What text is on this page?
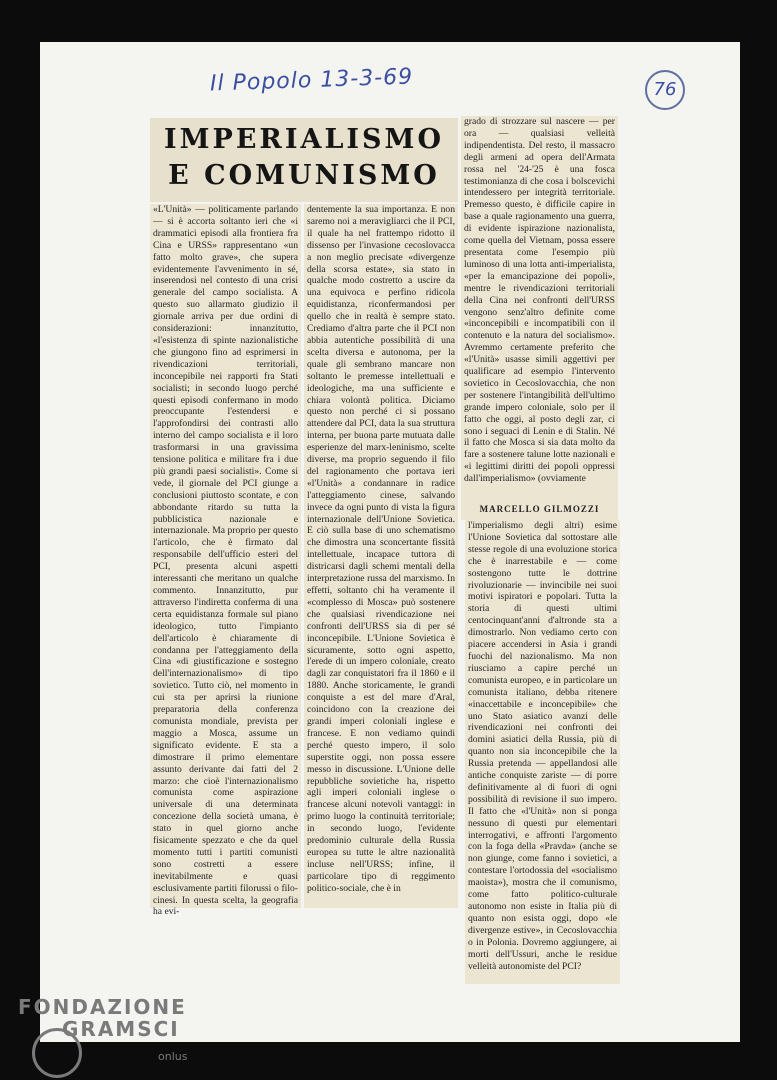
Il Popolo 13-3-69	76
IMPERIALISMO
E COMUNISMO
«L'Unità» — politicamente parlando — si è accorta soltanto ieri che «i drammatici episodi alla frontiera fra Cina e URSS» rappresentano «un fatto molto grave», che supera evidentemente l'avvenimento in sé, inserendosi nel contesto di una crisi generale del campo socialista. A questo suo allarmato giudizio il giornale arriva per due ordini di considerazioni: innanzitutto, «l'esistenza di spinte nazionalistiche che giungono fino ad esprimersi in rivendicazioni territoriali, inconcepibile nei rapporti fra Stati socialisti; in secondo luogo perché questi episodi confermano in modo preoccupante l'estendersi e l'approfondirsi dei contrasti allo interno del campo socialista e il loro trasformarsi in una gravissima tensione politica e militare fra i due più grandi paesi socialisti». Come si vede, il giornale del PCI giunge a conclusioni piuttosto scontate, e con abbondante ritardo su tutta la pubblicistica nazionale e internazionale. Ma proprio per questo l'articolo, che è firmato dal responsabile dell'ufficio esteri del PCI, presenta alcuni aspetti interessanti che meritano un qualche commento. Innanzitutto, pur attraverso l'indiretta conferma di una certa equidistanza formale sul piano ideologico, tutto l'impianto dell'articolo è chiaramente di condanna per l'atteggiamento della Cina «di giustificazione e sostegno dell'internazionalismo» di tipo sovietico. Tutto ciò, nel momento in cui sta per aprirsi la riunione preparatoria della conferenza comunista mondiale, prevista per maggio a Mosca, assume un significato evidente. E sta a dimostrare il primo elementare assunto derivante dai fatti del 2 marzo: che cioè l'internazionalismo comunista come aspirazione universale di una determinata concezione della società umana, è stato in quel giorno anche fisicamente spezzato e che da quel momento tutti i partiti comunisti sono costretti a essere inevitabilmente e quasi esclusivamente partiti filorussi o filo-cinesi. In questa scelta, la geografia ha evi-
dentemente la sua importanza. E non saremo noi a meravigliarci che il PCI, il quale ha nel frattempo ridotto il dissenso per l'invasione cecoslovacca a non meglio precisate «divergenze della scorsa estate», sia stato in qualche modo costretto a uscire da una equivoca e perfino ridicola equidistanza, riconfermandosi per quello che in realtà è sempre stato. Crediamo d'altra parte che il PCI non abbia autentiche possibilità di una scelta diversa e autonoma, per la quale gli sembrano mancare non soltanto le premesse intellettuali e ideologiche, ma una sufficiente e chiara volontà politica. Diciamo questo non perché ci si possano attendere dal PCI, data la sua struttura interna, per buona parte mutuata dalle esperienze del marx-leninismo, scelte diverse, ma proprio seguendo il filo del ragionamento che portava ieri «l'Unità» a condannare in radice l'atteggiamento cinese, salvando invece da ogni punto di vista la figura internazionale dell'Unione Sovietica. E ciò sulla base di uno schematismo che dimostra una sconcertante fissità intellettuale, incapace tuttora di districarsi dagli schemi mentali della interpretazione russa del marxismo. In effetti, soltanto chi ha veramente il «complesso di Mosca» può sostenere che qualsiasi rivendicazione nei confronti dell'URSS sia di per sé inconcepibile. L'Unione Sovietica è sicuramente, sotto ogni aspetto, l'erede di un impero coloniale, creato dagli zar conquistatori fra il 1860 e il 1880. Anche storicamente, le grandi conquiste a est del mare d'Aral, coincidono con la creazione dei grandi imperi coloniali inglese e francese. E non vediamo quindi perché questo impero, il solo superstite oggi, non possa essere messo in discussione. L'Unione delle repubbliche sovietiche ha, rispetto agli imperi coloniali inglese o francese alcuni notevoli vantaggi: in primo luogo la continuità territoriale; in secondo luogo, l'evidente predominio culturale della Russia europea su tutte le altre nazionalità incluse nell'URSS; infine, il particolare tipo di reggimento politico-sociale, che è in
grado di strozzare sul nascere — per ora — qualsiasi velleità indipendentista. Del resto, il massacro degli armeni ad opera dell'Armata rossa nel '24-'25 è una fosca testimonianza di che cosa i bolscevichi intendessero per integrità territoriale. Premesso questo, è difficile capire in base a quale ragionamento una guerra, di evidente ispirazione nazionalista, come quella del Vietnam, possa essere presentata come l'esempio più luminoso di una lotta anti-imperialista, «per la emancipazione dei popoli», mentre le rivendicazioni territoriali della Cina nei confronti dell'URSS vengono senz'altro definite come «inconcepibili e incompatibili con il contenuto e la natura del socialismo». Avremmo certamente preferito che «l'Unità» usasse simili aggettivi per qualificare ad esempio l'intervento sovietico in Cecoslovacchia, che non per sostenere l'intangibilità dell'ultimo grande impero coloniale, solo per il fatto che oggi, al posto degli zar, ci sono i seguaci di Lenin e di Stalin. Né il fatto che Mosca si sia data molto da fare a sostenere talune lotte nazionali e «i legittimi diritti dei popoli oppressi dall'imperialismo» (ovviamente
MARCELLO GILMOZZI
l'imperialismo degli altri) esime l'Unione Sovietica dal sottostare alle stesse regole di una evoluzione storica che è inarrestabile e — come sostengono tutte le dottrine rivoluzionarie — invincibile nei suoi motivi ispiratori e popolari. Tutta la storia di questi ultimi centocinquant'anni d'altronde sta a dimostrarlo. Non vediamo certo con piacere accendersi in Asia i grandi fuochi del nazionalismo. Ma non riusciamo a capire perché un comunista europeo, e in particolare un comunista italiano, debba ritenere «inaccettabile e inconcepibile» che uno Stato asiatico avanzi delle rivendicazioni nei confronti dei domini asiatici della Russia, più di quanto non sia inconcepibile che la Russia pretenda — appellandosi alle antiche conquiste zariste — di porre definitivamente al di fuori di ogni possibilità di revisione il suo impero. Il fatto che «l'Unità» non si ponga nessuno di questi pur elementari interrogativi, e affronti l'argomento con la foga della «Pravda» (anche se non giunge, come fanno i sovietici, a contestare l'ortodossia del «socialismo maoista»), mostra che il comunismo, come fatto politico-culturale autonomo non esiste in Italia più di quanto non esista oggi, dopo «le divergenze estive», in Cecoslovacchia o in Polonia. Dovremo aggiungere, ai morti dell'Ussuri, anche le residue velleità autonomiste del PCI?
FONDAZIONE
GRAMSCI
onlus
